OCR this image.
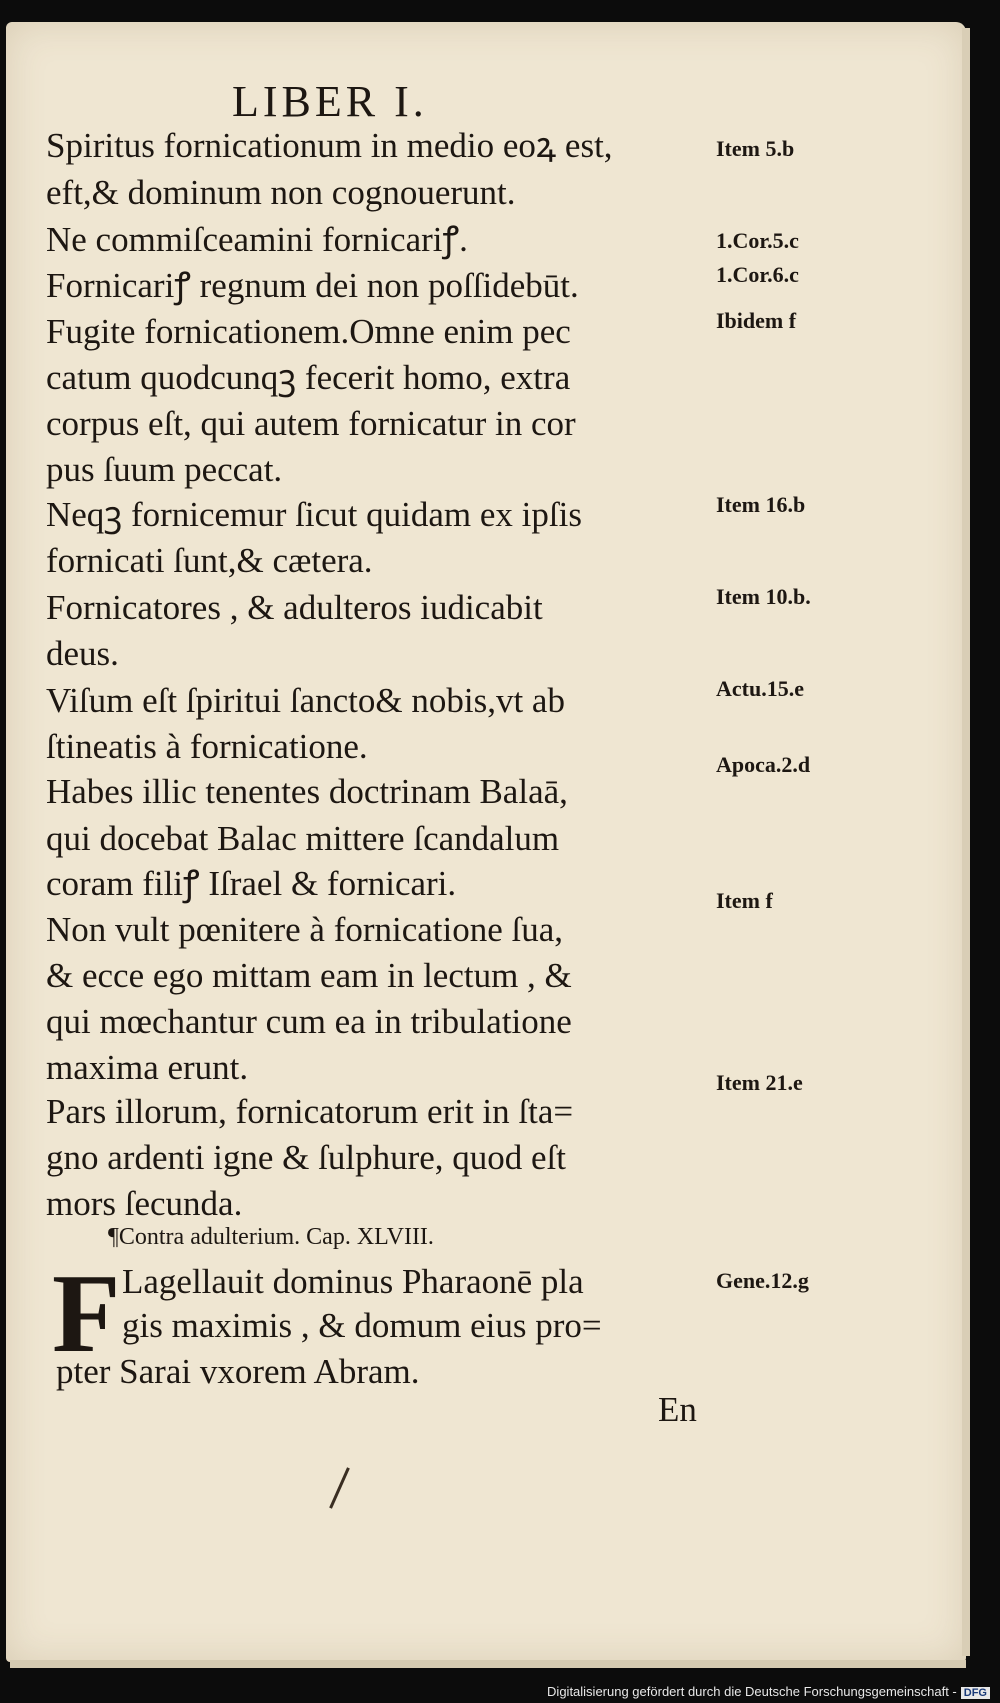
LIBER I.
Spiritus fornicationum in medio eoꝝ est,
eft,& dominum non cognouerunt.
Ne commiſceamini fornicariꝭ.
Fornicariꝭ regnum dei non poſſidebūt.
Fugite fornicationem.Omne enim pec
catum quodcunqꝫ fecerit homo, extra
corpus eſt, qui autem fornicatur in cor
pus ſuum peccat.
Neqꝫ fornicemur ſicut quidam ex ipſis
fornicati ſunt,& cætera.
Fornicatores , & adulteros iudicabit
deus.
Viſum eſt ſpiritui ſancto& nobis,vt ab
ſtineatis à fornicatione.
Habes illic tenentes doctrinam Balaā,
qui docebat Balac mittere ſcandalum
coram filiꝭ Iſrael & fornicari.
Non vult pœnitere à fornicatione ſua,
& ecce ego mittam eam in lectum , &
qui mœchantur cum ea in tribulatione
maxima erunt.
Pars illorum, fornicatorum erit in ſta=
gno ardenti igne & ſulphure, quod eſt
mors ſecunda.
Item 5.b
1.Cor.5.c
1.Cor.6.c
Ibidem f
Item 16.b
Item 10.b.
Actu.15.e
Apoca.2.d
Item f
Item 21.e
¶Contra adulterium. Cap. XLVIII.
F Lagellauit dominus Pharaonē pla
gis maximis , & domum eius pro=
pter Sarai vxorem Abram.
Gene.12.g
En
Digitalisierung gefördert durch die Deutsche Forschungsgemeinschaft - DFG
